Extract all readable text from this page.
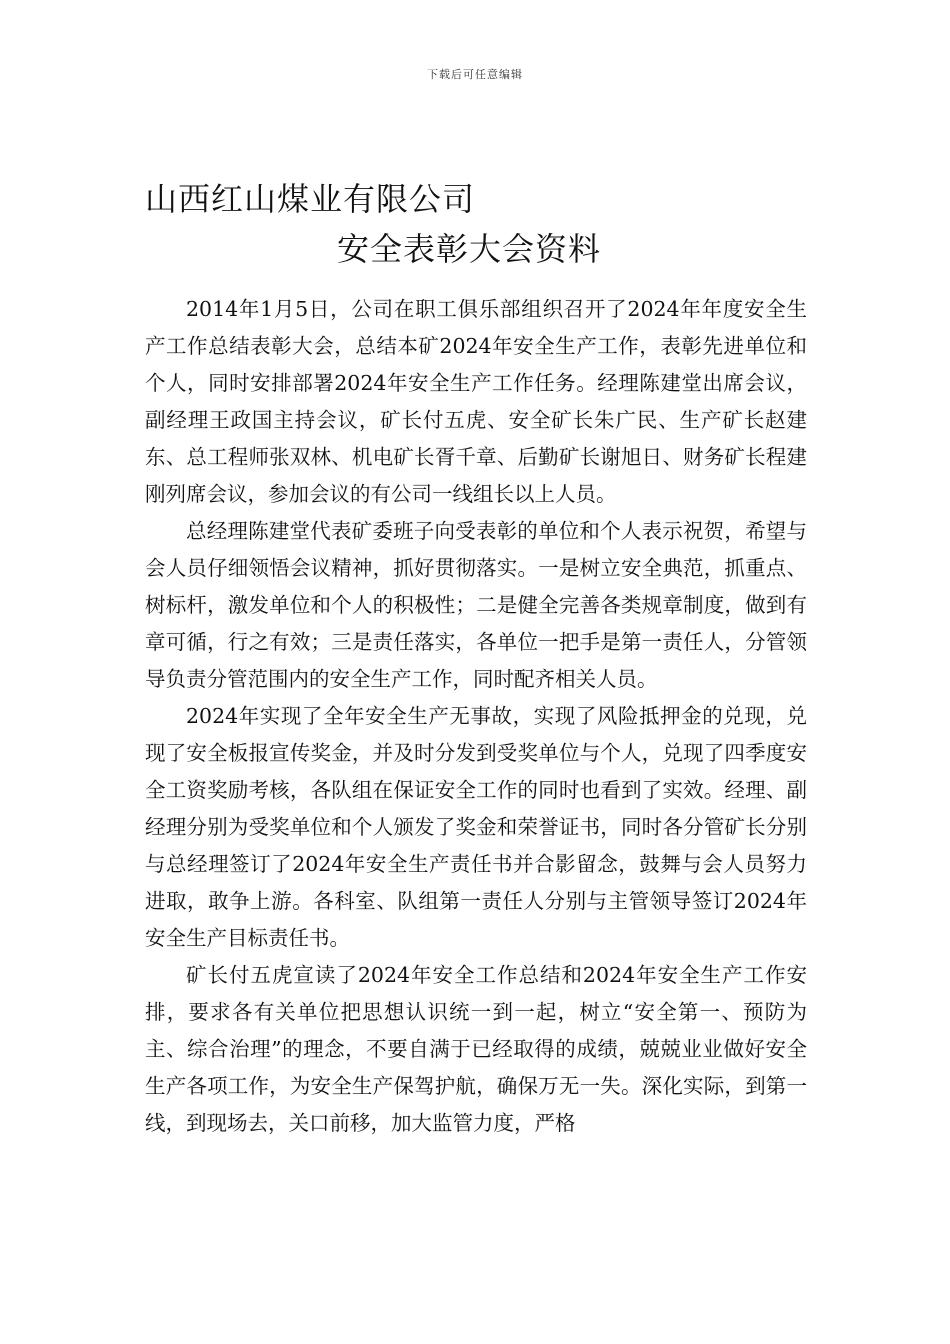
下载后可任意编辑
山西红山煤业有限公司
安全表彰大会资料

2014年1月5日，公司在职工俱乐部组织召开了2024年年度安全生产工作总结表彰大会，总结本矿2024年安全生产工作，表彰先进单位和个人，同时安排部署2024年安全生产工作任务。经理陈建堂出席会议，副经理王政国主持会议，矿长付五虎、安全矿长朱广民、生产矿长赵建东、总工程师张双林、机电矿长胥千章、后勤矿长谢旭日、财务矿长程建刚列席会议，参加会议的有公司一线组长以上人员。

总经理陈建堂代表矿委班子向受表彰的单位和个人表示祝贺，希望与会人员仔细领悟会议精神，抓好贯彻落实。一是树立安全典范，抓重点、树标杆，激发单位和个人的积极性；二是健全完善各类规章制度，做到有章可循，行之有效；三是责任落实，各单位一把手是第一责任人，分管领导负责分管范围内的安全生产工作，同时配齐相关人员。

2024年实现了全年安全生产无事故，实现了风险抵押金的兑现，兑现了安全板报宣传奖金，并及时分发到受奖单位与个人，兑现了四季度安全工资奖励考核，各队组在保证安全工作的同时也看到了实效。经理、副经理分别为受奖单位和个人颁发了奖金和荣誉证书，同时各分管矿长分别与总经理签订了2024年安全生产责任书并合影留念，鼓舞与会人员努力进取，敢争上游。各科室、队组第一责任人分别与主管领导签订2024年安全生产目标责任书。

矿长付五虎宣读了2024年安全工作总结和2024年安全生产工作安排，要求各有关单位把思想认识统一到一起，树立“安全第一、预防为主、综合治理”的理念，不要自满于已经取得的成绩，兢兢业业做好安全生产各项工作，为安全生产保驾护航，确保万无一失。深化实际，到第一线，到现场去，关口前移，加大监管力度，严格
